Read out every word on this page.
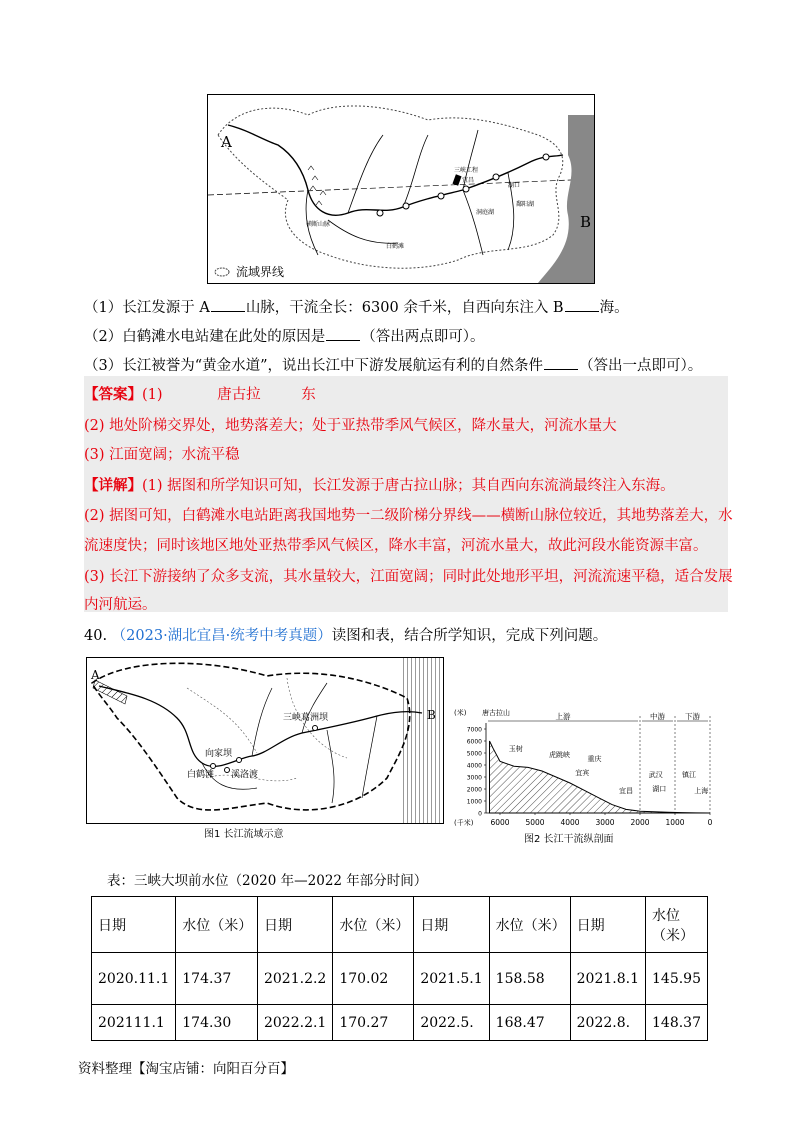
A
B
流域界线
三峡工程
宜昌
湖口
鄱阳湖
洞庭湖
横断山脉
白鹤滩
（1）长江发源于 A 山脉，干流全长：6300 余千米，自西向东注入 B 海。
（2）白鹤滩水电站建在此处的原因是 （答出两点即可）。
（3）长江被誉为“黄金水道”，说出长江中下游发展航运有利的自然条件 （答出一点即可）。
【答案】(1)	唐古拉	东
(2) 地处阶梯交界处，地势落差大；处于亚热带季风气候区，降水量大，河流水量大
(3) 江面宽阔；水流平稳
【详解】(1) 据图和所学知识可知，长江发源于唐古拉山脉；其自西向东流淌最终注入东海。
(2) 据图可知，白鹤滩水电站距离我国地势一二级阶梯分界线——横断山脉位较近，其地势落差大，水
流速度快；同时该地区地处亚热带季风气候区，降水丰富，河流水量大，故此河段水能资源丰富。
(3) 长江下游接纳了众多支流，其水量较大，江面宽阔；同时此处地形平坦，河流流速平稳，适合发展
内河航运。
40. （2023·湖北宜昌·统考中考真题）读图和表，结合所学知识，完成下列问题。
A
B
三峡葛洲坝
向家坝
白鹤滩 溪洛渡
图1 长江流域示意
7000
6000
5000
4000
3000
2000
1000
0
6000 5000 4000 3000 2000 1000	0
(千米)
(米) 唐古拉山	上游	中游	下游
玉树
虎跳峡	重庆
宜宾
宜昌
武汉
湖口
镇江
上海
图2 长江干流纵剖面
表：三峡大坝前水位（2020 年—2022 年部分时间）
日期	水位（米）	日期	水位（米）	日期	水位（米）	日期	水位（米）
2020.11.1	174.37	2021.2.2	170.02	2021.5.1	158.58	2021.8.1	145.95
202111.1	174.30	2022.2.1	170.27	2022.5.	168.47	2022.8.	148.37
资料整理【淘宝店铺：向阳百分百】
